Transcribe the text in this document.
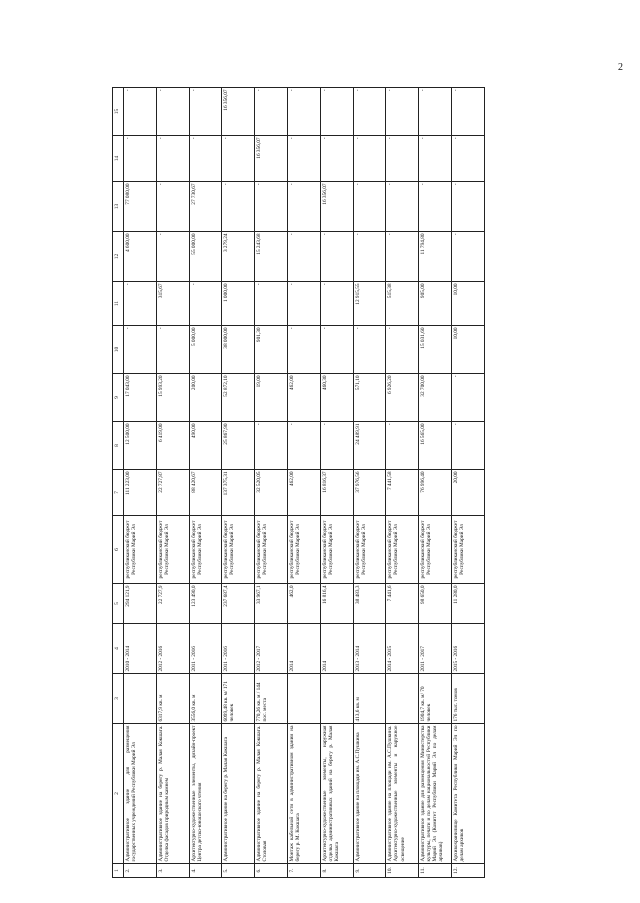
2
1	2	3	4	5	6	7	8	9	10	11	12	13	14	15
2.	Административное здание для размещения государственных учреждений Республики Марий Эл		2010 - 2014	294 121,9	республиканский бюджет Республики Марий Эл	111 223,00	12 500,00	17 043,00	-	-	4 600,00	77 080,00	-	-
3.	Административное здание на берегу р. Малая Кокшага. Отделка фасадов природным камнем	6317,9 кв. м	2012 - 2016	22 727,9	республиканский бюджет Республики Марий Эл	22 727,87	6 419,00	15 993,20	-	315,67	-	-	-	-
4.	Архитектурно-художественные элементы, дизайн-проект Центра детско-юношеского чтения	3556,0 кв. м	2011 - 2016	123 490,0	республиканский бюджет Республики Марий Эл	88 420,67	490,00	200,00	5 000,00	-	55 000,00	27 730,67	-	-
5.	Административное здание на берегу р. Малая Кокшага	6099,48 кв. м/ 171 человек	2011 - 2016	237 687,4	республиканский бюджет Республики Марий Эл	137 375,31	25 867,90	52 872,10	38 000,00	1 000,00	3 279,24	-	-	16 356,07
6.	Административное здание на берегу р. Малая Кокшага. Столовая	770,26 кв. м / 144 пос. места	2012 - 2017	33 967,1	республиканский бюджет Республики Марий Эл	32 520,05	-	19,00	901,30	-	15 243,68	-	16 356,07	-
7.	Монтаж кабельной сети в административном здании на берегу р. М. Кокшага		2014	462,0	республиканский бюджет Республики Марий Эл	462,00	-	462,00	-	-	-	-	-	-
8.	Архитектурно-художественные элементы, наружная отделка административных зданий на берегу р. Малая Кокшага		2014	16 816,4	республиканский бюджет Республики Марий Эл	16 816,37	-	460,30	-	-	-	16 356,07	-	-
9.	Административное здание на площади им. А.С.Пушкина	413,6 кв. м	2013 - 2014	38 483,3	республиканский бюджет Республики Марий Эл	37 976,56	24 489,91	571,10	-	12 915,55	-	-	-	-
10.	Административное здание на площади им. А.С.Пушкина. Архитектурно-художественные элементы и наружное освещение		2014 - 2015	7 441,6	республиканский бюджет Республики Марий Эл	7 441,58	-	6 926,20	-	515,38	-	-	-	-
11.	Административное здание для размещения Министерства культуры, печати и по делам национальностей Республики Марий Эл (Комитет Республики Марий Эл по делам архивов)	1904,7 кв. м/ 70 человек	2011 - 2017	98 650,0	республиканский бюджет Республики Марий Эл	76 996,40	16 565,00	32 700,00	15 031,60	905,00	11 794,80	-	-	-
12.	Архивохранилище Комитета Республики Марий Эл по делам архивов	176 тыс. томов	2015 - 2016	11 280,0	республиканский бюджет Республики Марий Эл	20,00	-	-	10,00	10,00	-	-	-	-
